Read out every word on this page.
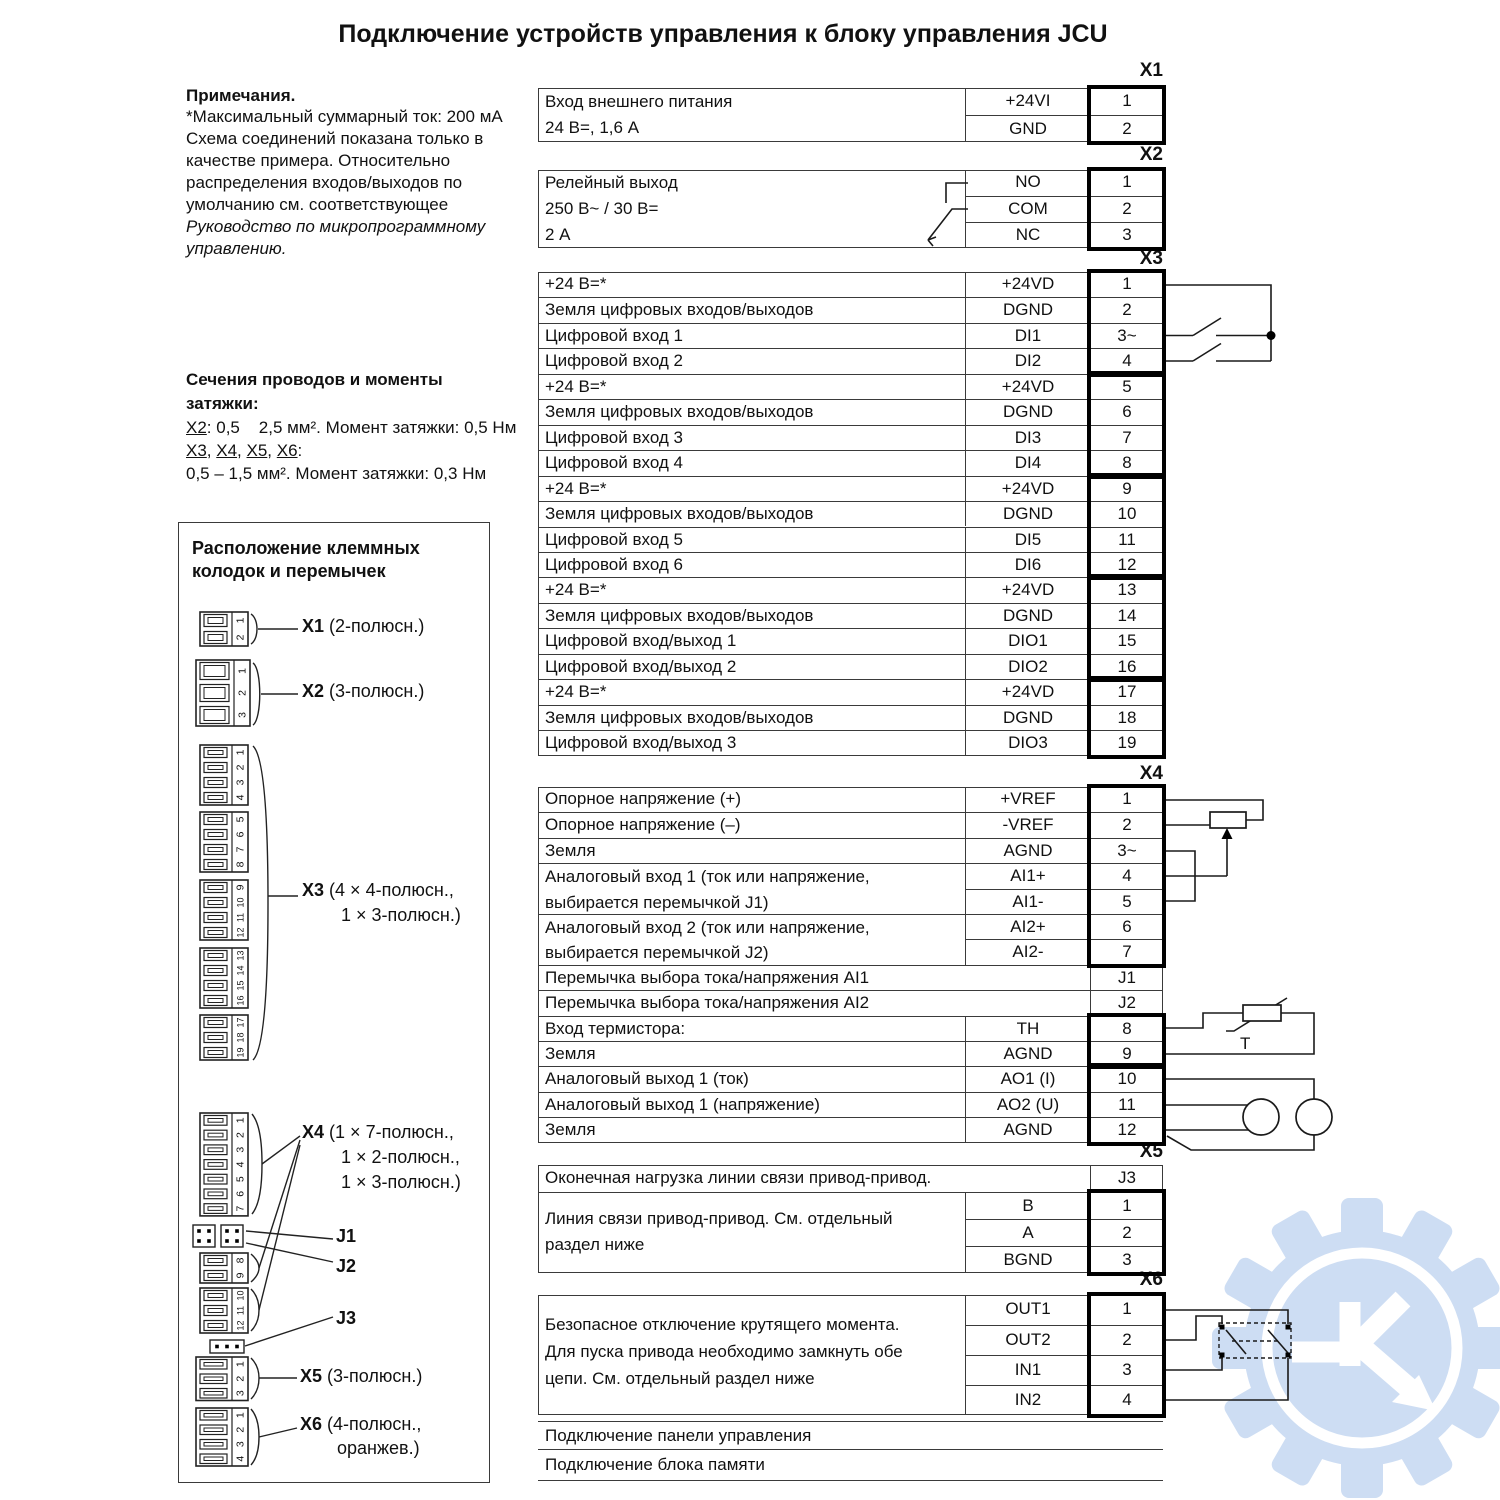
Подключение устройств управления к блоку управления JCU
Примечания.
*Максимальный суммарный ток: 200 мА
Схема соединений показана только в
качестве примера. Относительно
распределения входов/выходов по
умолчанию см. соответствующее
Руководство по микропрограммному
управлению.
Сечения проводов и моменты
затяжки:
X2: 0,5    2,5 мм². Момент затяжки: 0,5 Нм
X3, X4, X5, X6:
0,5 – 1,5 мм². Момент затяжки: 0,3 Нм
Расположение клеммных
колодок и перемычек
1
2
1
2
3
1
2
3
4
5
6
7
8
9
10
11
12
13
14
15
16
17
18
19
1
2
3
4
5
6
7
8
9
10
11
12
1
2
3
1
2
3
4
X1 (2-полюсн.)
X2 (3-полюсн.)
X3 (4 × 4-полюсн.,
1 × 3-полюсн.)
X4 (1 × 7-полюсн.,
1 × 2-полюсн.,
1 × 3-полюсн.)
J1
J2
J3
X5 (3-полюсн.)
X6 (4-полюсн.,
оранжев.)
X1
X2
X3
X4
X5
X6
Вход внешнего питания
24 В=, 1,6 А
+24VI	1
GND	2
Релейный выход
250 В~ / 30 В=
2 А
NO	1
COM	2
NC	3
Безопасное отключение крутящего момента.
Для пуска привода необходимо замкнуть обе
цепи. См. отдельный раздел ниже
OUT1	1
OUT2	2
IN1	3
IN2	4
+24 В=*	+24VD	1
Земля цифровых входов/выходов	DGND	2
Цифровой вход 1	DI1	3~
Цифровой вход 2	DI2	4
+24 В=*	+24VD	5
Земля цифровых входов/выходов	DGND	6
Цифровой вход 3	DI3	7
Цифровой вход 4	DI4	8
+24 В=*	+24VD	9
Земля цифровых входов/выходов	DGND	10
Цифровой вход 5	DI5	11
Цифровой вход 6	DI6	12
+24 В=*	+24VD	13
Земля цифровых входов/выходов	DGND	14
Цифровой вход/выход 1	DIO1	15
Цифровой вход/выход 2	DIO2	16
+24 В=*	+24VD	17
Земля цифровых входов/выходов	DGND	18
Цифровой вход/выход 3	DIO3	19
Опорное напряжение (+)	+VREF	1
Опорное напряжение (–)	-VREF	2
Земля	AGND	3~
Аналоговый вход 1 (ток или напряжение,
выбирается перемычкой J1)
AI1+	4
AI1-	5
Аналоговый вход 2 (ток или напряжение,
выбирается перемычкой J2)
AI2+	6
AI2-	7
Перемычка выбора тока/напряжения AI1	J1
Перемычка выбора тока/напряжения AI2	J2
Вход термистора:	TH	8
Земля	AGND	9
Аналоговый выход 1 (ток)	AO1 (I)	10
Аналоговый выход 1 (напряжение)	AO2 (U)	11
Земля	AGND	12
Оконечная нагрузка линии связи привод-привод.	J3
Линия связи привод-привод. См. отдельный
раздел ниже
B	1
A	2
BGND	3
Подключение панели управления
Подключение блока памяти
Т
